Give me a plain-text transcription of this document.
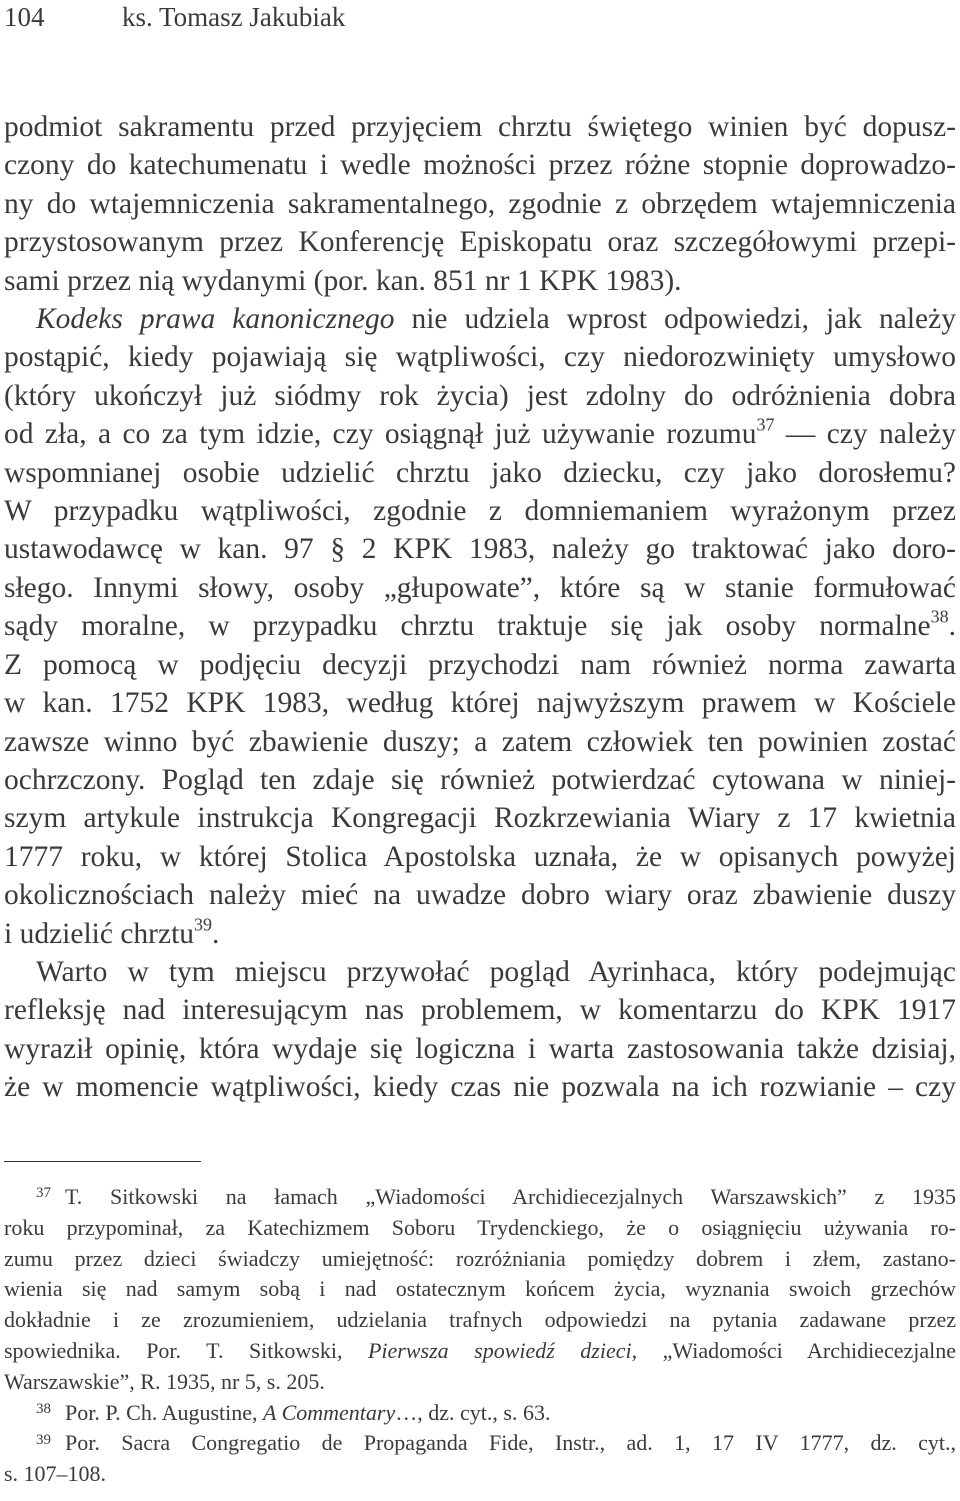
104	ks. Tomasz Jakubiak

podmiot sakramentu przed przyjęciem chrztu świętego winien być dopusz-

czony do katechumenatu i wedle możności przez różne stopnie doprowadzo-

ny do wtajemniczenia sakramentalnego, zgodnie z obrzędem wtajemniczenia

przystosowanym przez Konferencję Episkopatu oraz szczegółowymi przepi-

sami przez nią wydanymi (por. kan. 851 nr 1 KPK 1983).

Kodeks prawa kanonicznego nie udziela wprost odpowiedzi, jak należy

postąpić, kiedy pojawiają się wątpliwości, czy niedorozwinięty umysłowo

(który ukończył już siódmy rok życia) jest zdolny do odróżnienia dobra

od zła, a co za tym idzie, czy osiągnął już używanie rozumu$^{37}$ — czy należy

wspomnianej osobie udzielić chrztu jako dziecku, czy jako dorosłemu?

W przypadku wątpliwości, zgodnie z domniemaniem wyrażonym przez

ustawodawcę w kan. 97 § 2 KPK 1983, należy go traktować jako doro-

słego. Innymi słowy, osoby „głupowate”, które są w stanie formułować

sądy moralne, w przypadku chrztu traktuje się jak osoby normalne$^{38}$.

Z pomocą w podjęciu decyzji przychodzi nam również norma zawarta

w kan. 1752 KPK 1983, według której najwyższym prawem w Kościele

zawsze winno być zbawienie duszy; a zatem człowiek ten powinien zostać

ochrzczony. Pogląd ten zdaje się również potwierdzać cytowana w niniej-

szym artykule instrukcja Kongregacji Rozkrzewiania Wiary z 17 kwietnia

1777 roku, w której Stolica Apostolska uznała, że w opisanych powyżej

okolicznościach należy mieć na uwadze dobro wiary oraz zbawienie duszy

i udzielić chrztu$^{39}$.

Warto w tym miejscu przywołać pogląd Ayrinhaca, który podejmując

refleksję nad interesującym nas problemem, w komentarzu do KPK 1917

wyraził opinię, która wydaje się logiczna i warta zastosowania także dzisiaj,

że w momencie wątpliwości, kiedy czas nie pozwala na ich rozwianie – czy

$^{37}$ T. Sitkowski na łamach „Wiadomości Archidiecezjalnych Warszawskich” z 1935

roku przypominał, za Katechizmem Soboru Trydenckiego, że o osiągnięciu używania ro-

zumu przez dzieci świadczy umiejętność: rozróżniania pomiędzy dobrem i złem, zastano-

wienia się nad samym sobą i nad ostatecznym końcem życia, wyznania swoich grzechów

dokładnie i ze zrozumieniem, udzielania trafnych odpowiedzi na pytania zadawane przez

spowiednika. Por. T. Sitkowski, Pierwsza spowiedź dzieci, „Wiadomości Archidiecezjalne

Warszawskie”, R. 1935, nr 5, s. 205.

$^{38}$ Por. P. Ch. Augustine, A Commentary…, dz. cyt., s. 63.

$^{39}$ Por. Sacra Congregatio de Propaganda Fide, Instr., ad. 1, 17 IV 1777, dz. cyt.,

s. 107–108.
